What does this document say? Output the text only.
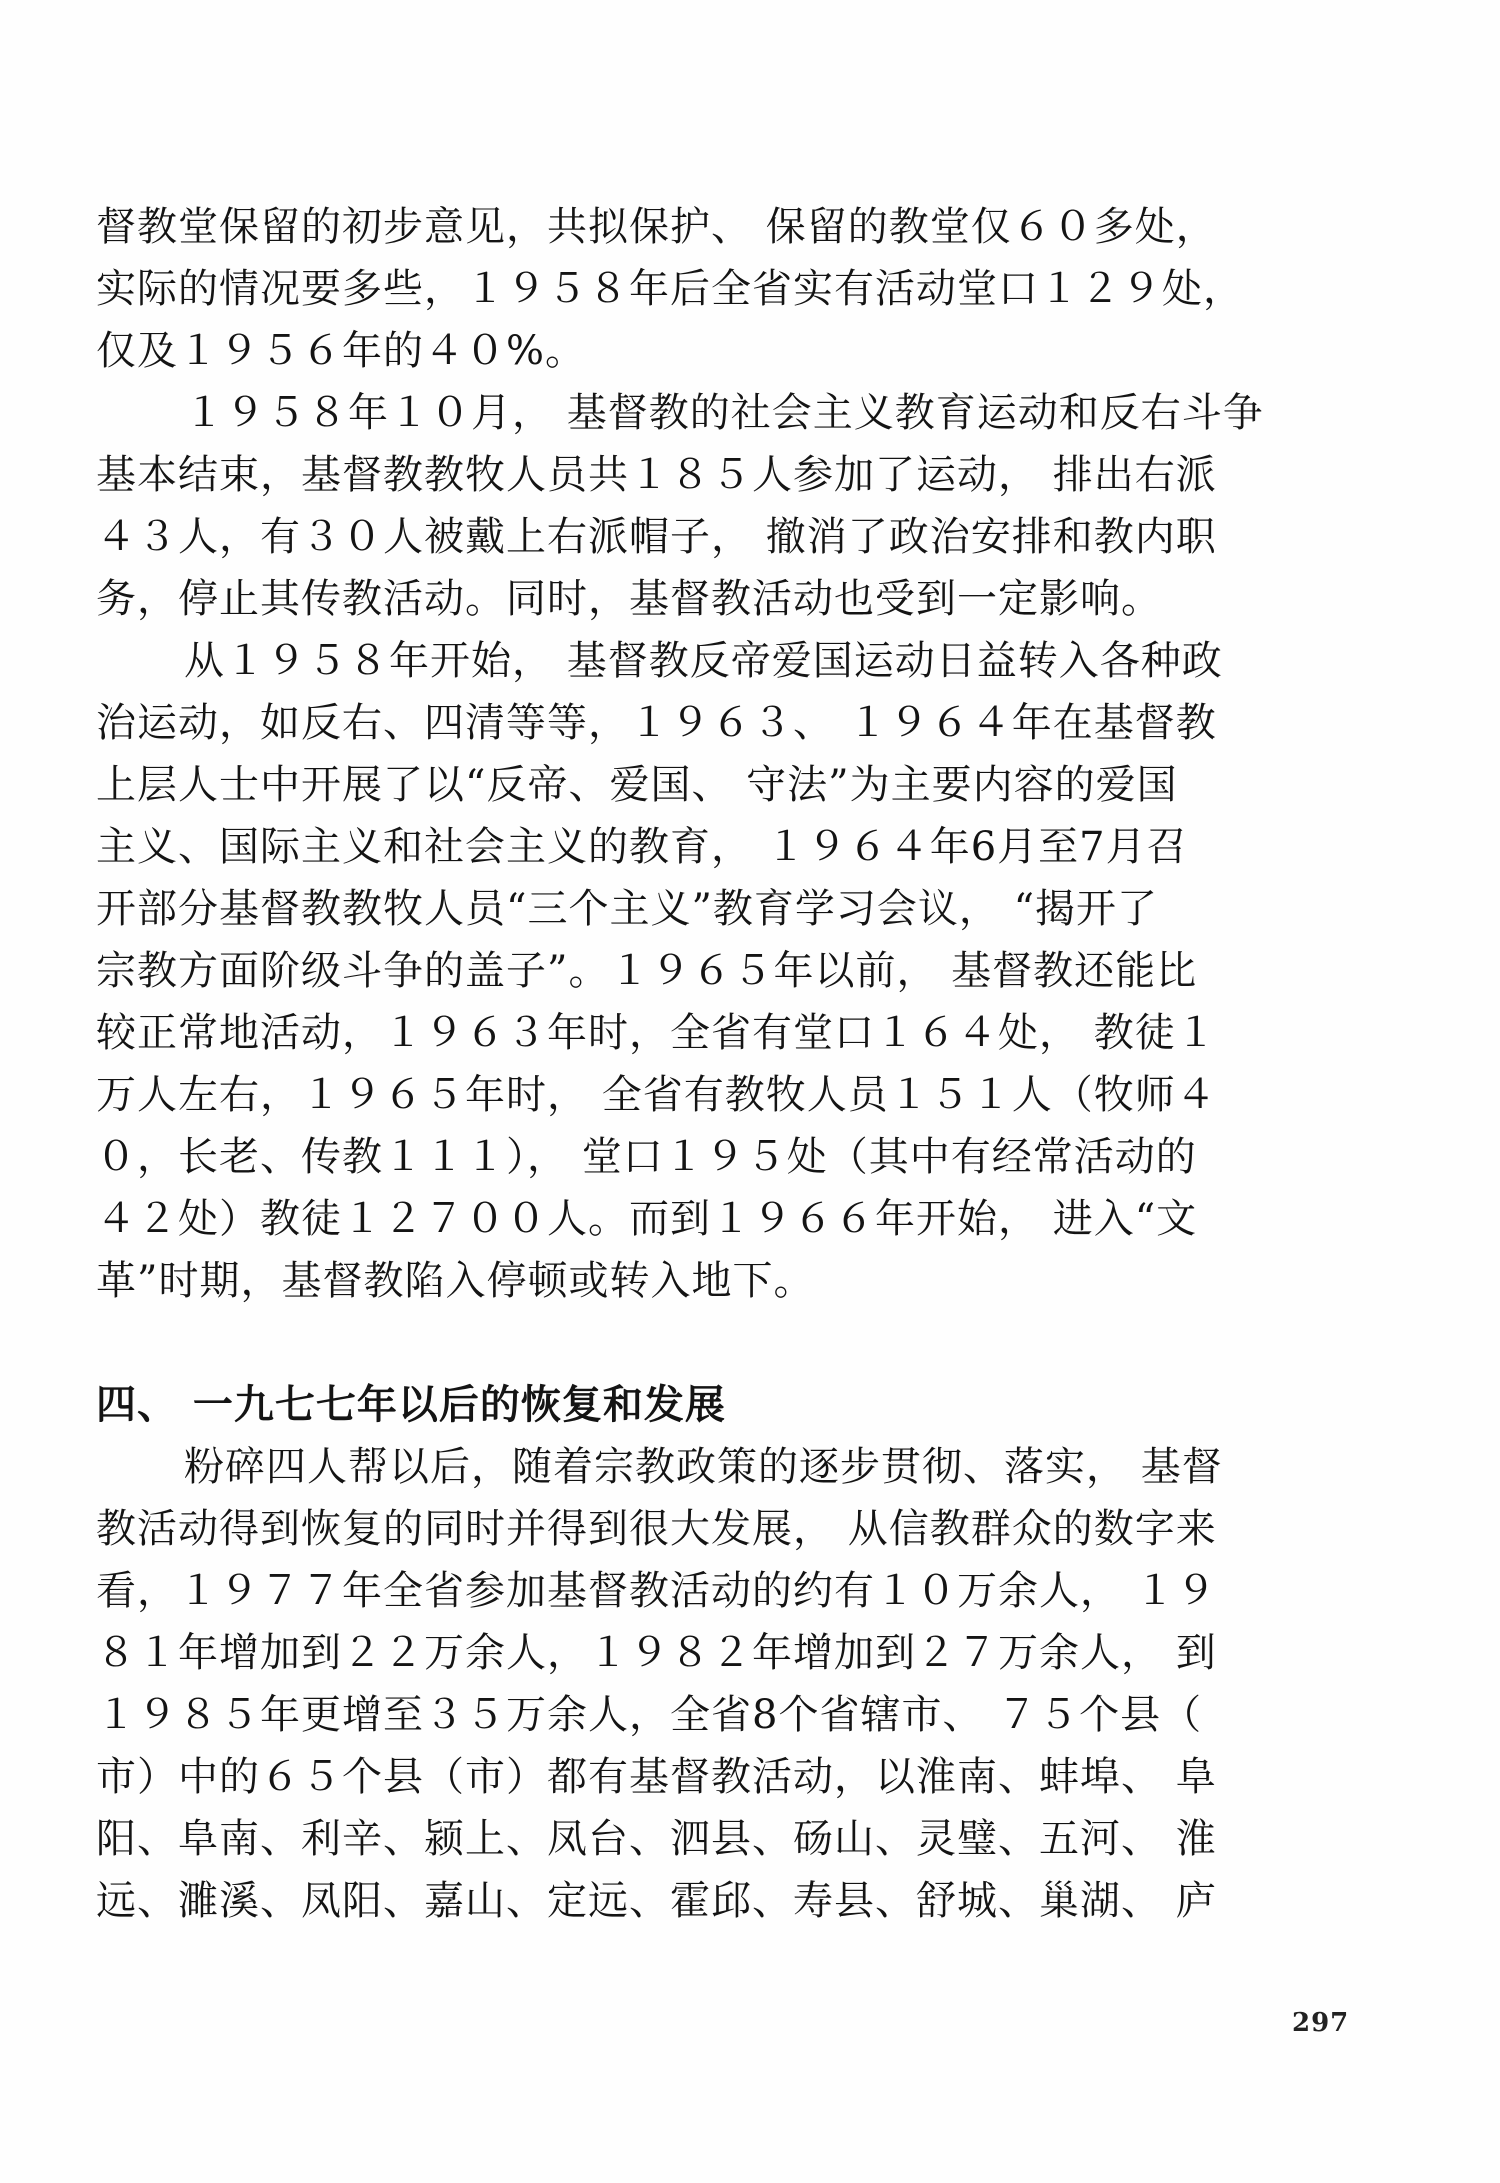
督教堂保留的初步意见，共拟保护、 保留的教堂仅６０多处，
实际的情况要多些，１９５８年后全省实有活动堂口１２９处，
仅及１９５６年的４０%。
１９５８年１０月， 基督教的社会主义教育运动和反右斗争
基本结束，基督教教牧人员共１８５人参加了运动， 排出右派
４３人，有３０人被戴上右派帽子， 撤消了政治安排和教内职
务，停止其传教活动。同时，基督教活动也受到一定影响。
从１９５８年开始， 基督教反帝爱国运动日益转入各种政
治运动，如反右、四清等等，１９６３、 １９６４年在基督教
上层人士中开展了以“反帝、爱国、 守法”为主要内容的爱国
主义、国际主义和社会主义的教育， １９６４年6月至7月召
开部分基督教教牧人员“三个主义”教育学习会议， “揭开了
宗教方面阶级斗争的盖子”。１９６５年以前， 基督教还能比
较正常地活动，１９６３年时，全省有堂口１６４处， 教徒１
万人左右，１９６５年时， 全省有教牧人员１５１人（牧师４
０，长老、传教１１１）， 堂口１９５处（其中有经常活动的
４２处）教徒１２７００人。而到１９６６年开始， 进入“文
革”时期，基督教陷入停顿或转入地下。
四、 一九七七年以后的恢复和发展
粉碎四人帮以后，随着宗教政策的逐步贯彻、落实， 基督
教活动得到恢复的同时并得到很大发展， 从信教群众的数字来
看，１９７７年全省参加基督教活动的约有１０万余人， １９
８１年增加到２２万余人，１９８２年增加到２７万余人， 到
１９８５年更增至３５万余人，全省8个省辖市、 ７５个县（
市）中的６５个县（市）都有基督教活动，以淮南、蚌埠、 阜
阳、阜南、利辛、颍上、凤台、泗县、砀山、灵璧、五河、 淮
远、濉溪、凤阳、嘉山、定远、霍邱、寿县、舒城、巢湖、 庐
297
